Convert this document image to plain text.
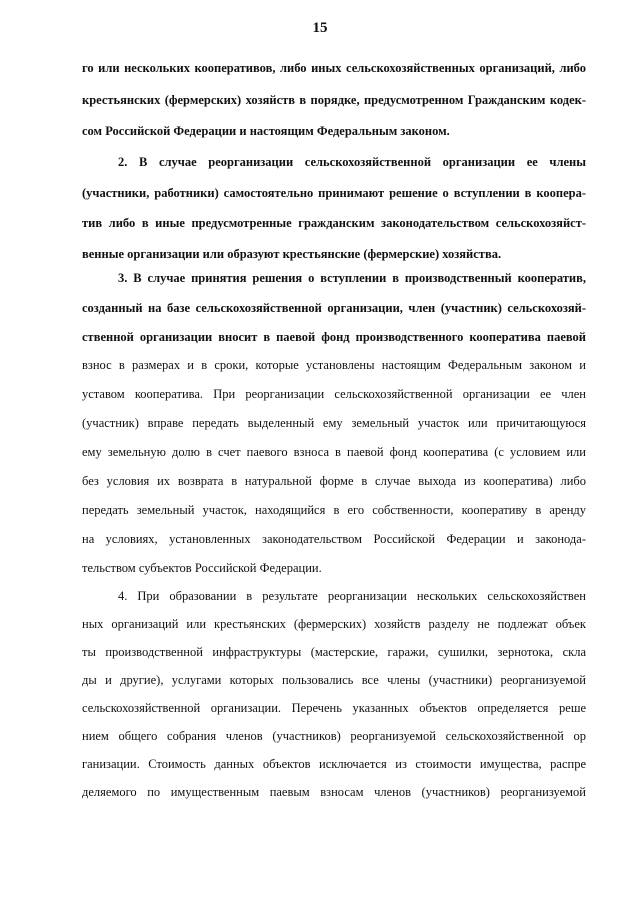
15
го или нескольких кооперативов, либо иных сельскохозяйственных организаций, либо
крестьянских (фермерских) хозяйств в порядке, предусмотренном Гражданским кодек-
сом Российской Федерации и настоящим Федеральным законом.
2. В случае реорганизации сельскохозяйственной организации ее члены
(участники, работники) самостоятельно принимают решение о вступлении в коопера-
тив либо в иные предусмотренные гражданским законодательством сельскохозяйст-
венные организации или образуют крестьянские (фермерские) хозяйства.
3. В случае принятия решения о вступлении в производственный кооператив,
созданный на базе сельскохозяйственной организации, член (участник) сельскохозяй-
ственной организации вносит в паевой фонд производственного кооператива паевой
взнос в размерах и в сроки, которые установлены настоящим Федеральным законом и
уставом кооператива. При реорганизации сельскохозяйственной организации ее член
(участник) вправе передать выделенный ему земельный участок или причитающуюся
ему земельную долю в счет паевого взноса в паевой фонд кооператива (с условием или
без условия их возврата в натуральной форме в случае выхода из кооператива) либо
передать земельный участок, находящийся в его собственности, кооперативу в аренду
на условиях, установленных законодательством Российской Федерации и законода-
тельством субъектов Российской Федерации.
4. При образовании в результате реорганизации нескольких сельскохозяйствен
ных организаций или крестьянских (фермерских) хозяйств разделу не подлежат объек
ты производственной инфраструктуры (мастерские, гаражи, сушилки, зернотока, скла
ды и другие), услугами которых пользовались все члены (участники) реорганизуемой
сельскохозяйственной организации. Перечень указанных объектов определяется реше
нием общего собрания членов (участников) реорганизуемой сельскохозяйственной ор
ганизации. Стоимость данных объектов исключается из стоимости имущества, распре
деляемого по имущественным паевым взносам членов (участников) реорганизуемой
